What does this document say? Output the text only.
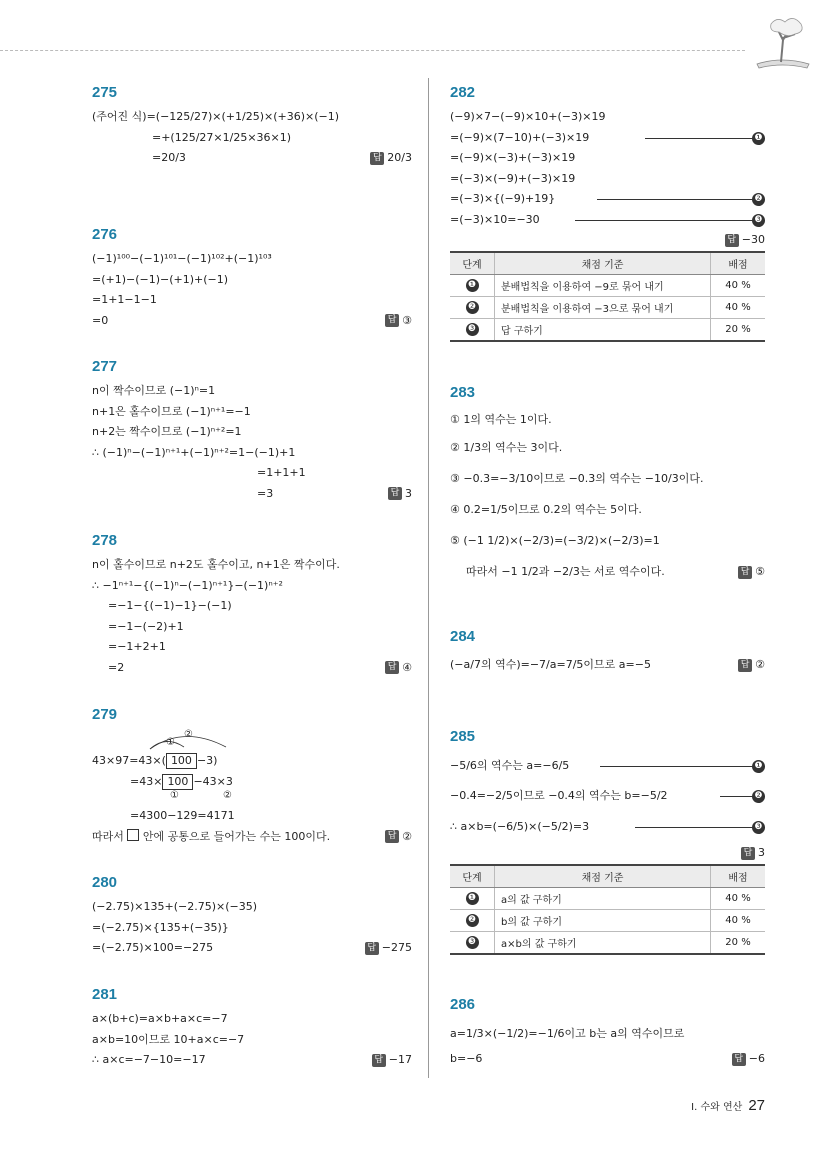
275
(주어진 식)=(−125/27)×(+1/25)×(+36)×(−1)
=+(125/27×1/25×36×1)
=20/3	답 20/3
276
(−1)¹⁰⁰−(−1)¹⁰¹−(−1)¹⁰²+(−1)¹⁰³
=(+1)−(−1)−(+1)+(−1)
=1+1−1−1
=0	답 ③
277
n이 짝수이므로 (−1)ⁿ=1
n+1은 홀수이므로 (−1)ⁿ⁺¹=−1
n+2는 짝수이므로 (−1)ⁿ⁺²=1
∴ (−1)ⁿ−(−1)ⁿ⁺¹+(−1)ⁿ⁺²=1−(−1)+1
=1+1+1
=3	답 3
278
n이 홀수이므로 n+2도 홀수이고, n+1은 짝수이다.
∴ −1ⁿ⁺¹−{(−1)ⁿ−(−1)ⁿ⁺¹}−(−1)ⁿ⁺²
=−1−{(−1)−1}−(−1)
=−1−(−2)+1
=−1+2+1
=2	답 ④
279
②
①
43×97=43×( 100 −3)
=43× 100 −43×3
①	②
=4300−129=4171
따라서 안에 공통으로 들어가는 수는 100이다.	답 ②
280
(−2.75)×135+(−2.75)×(−35)
=(−2.75)×{135+(−35)}
=(−2.75)×100=−275	답 −275
281
a×(b+c)=a×b+a×c=−7
a×b=10이므로 10+a×c=−7
∴ a×c=−7−10=−17	답 −17
282
(−9)×7−(−9)×10+(−3)×19
=(−9)×(7−10)+(−3)×19	❶
=(−9)×(−3)+(−3)×19
=(−3)×(−9)+(−3)×19
=(−3)×{(−9)+19}	❷
=(−3)×10=−30	❸
답 −30
단계	채점 기준	배점
❶	분배법칙을 이용하여 −9로 묶어 내기	40 %
❷	분배법칙을 이용하여 −3으로 묶어 내기	40 %
❸	답 구하기	20 %
283
① 1의 역수는 1이다.
② 1/3의 역수는 3이다.
③ −0.3=−3/10이므로 −0.3의 역수는 −10/3이다.
④ 0.2=1/5이므로 0.2의 역수는 5이다.
⑤ (−1 1/2)×(−2/3)=(−3/2)×(−2/3)=1
따라서 −1 1/2과 −2/3는 서로 역수이다.	답 ⑤
284
(−a/7의 역수)=−7/a=7/5이므로 a=−5	답 ②
285
−5/6의 역수는 a=−6/5	❶
−0.4=−2/5이므로 −0.4의 역수는 b=−5/2	❷
∴ a×b=(−6/5)×(−5/2)=3	❸
답 3
단계	채점 기준	배점
❶	a의 값 구하기	40 %
❷	b의 값 구하기	40 %
❸	a×b의 값 구하기	20 %
286
a=1/3×(−1/2)=−1/6이고 b는 a의 역수이므로
b=−6	답 −6
I. 수와 연산 27
